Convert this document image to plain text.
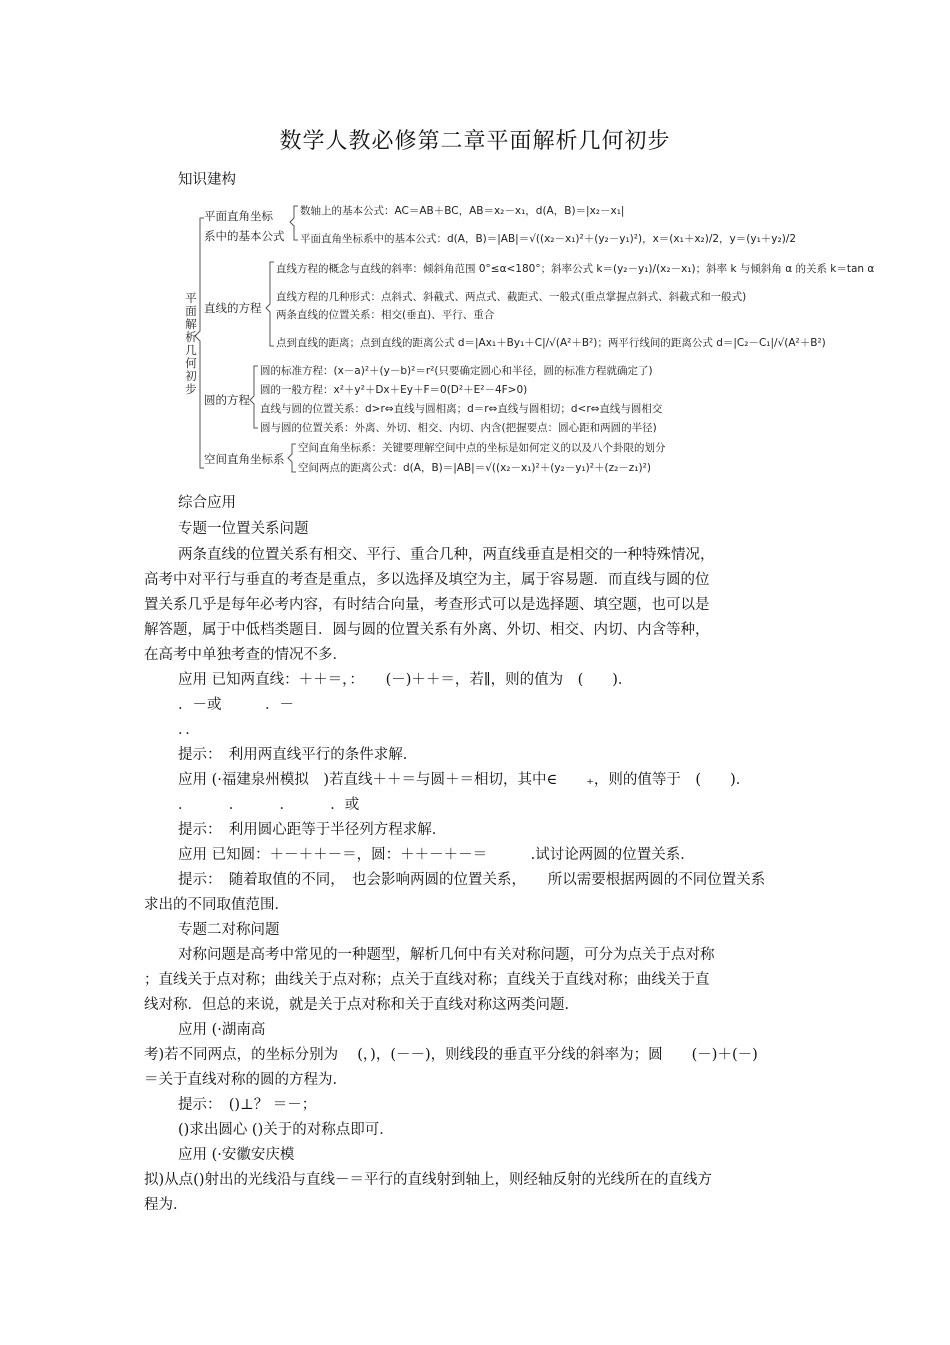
数学人教必修第二章平面解析几何初步
知识建构
平面解析几何初步
平面直角坐标
系中的基本公式
数轴上的基本公式：AC＝AB＋BC，AB＝x₂－x₁，d(A，B)＝|x₂－x₁|
平面直角坐标系中的基本公式：d(A，B)＝|AB|＝√((x₂－x₁)²＋(y₂－y₁)²)，x＝(x₁＋x₂)/2，y＝(y₁＋y₂)/2
直线的方程
直线方程的概念与直线的斜率：倾斜角范围 0°≤α<180°；斜率公式 k＝(y₂－y₁)/(x₂－x₁)；斜率 k 与倾斜角 α 的关系 k＝tan α
直线方程的几种形式：点斜式、斜截式、两点式、截距式、一般式(重点掌握点斜式、斜截式和一般式)
两条直线的位置关系：相交(垂直)、平行、重合
点到直线的距离；点到直线的距离公式 d＝|Ax₁＋By₁＋C|/√(A²＋B²)；两平行线间的距离公式 d＝|C₂－C₁|/√(A²＋B²)
圆的方程
圆的标准方程：(x－a)²＋(y－b)²＝r²(只要确定圆心和半径，圆的标准方程就确定了)
圆的一般方程：x²＋y²＋Dx＋Ey＋F＝0(D²＋E²－4F>0)
直线与圆的位置关系：d>r⇔直线与圆相离；d＝r⇔直线与圆相切；d<r⇔直线与圆相交
圆与圆的位置关系：外离、外切、相交、内切、内含(把握要点：圆心距和两圆的半径)
空间直角坐标系
空间直角坐标系：关键要理解空间中点的坐标是如何定义的以及八个卦限的划分
空间两点的距离公式：d(A，B)＝|AB|＝√((x₂－x₁)²＋(y₂－y₁)²＋(z₂－z₁)²)
综合应用
专题一位置关系问题
两条直线的位置关系有相交、平行、重合几种，两直线垂直是相交的一种特殊情况，
高考中对平行与垂直的考查是重点，多以选择及填空为主，属于容易题．而直线与圆的位
置关系几乎是每年必考内容，有时结合向量，考查形式可以是选择题、填空题，也可以是
解答题，属于中低档类题目．圆与圆的位置关系有外离、外切、相交、内切、内含等种，
在高考中单独考查的情况不多．
应用 已知两直线：＋＋＝，：　　(－)＋＋＝，若∥，则的值为　(　　)．
．－或　　　．－
．．
提示：　利用两直线平行的条件求解．
应用 (·福建泉州模拟　)若直线＋＋＝与圆＋＝相切，其中∈　　₊，则的值等于　(　　)．
．　　　．　　　．　　　．或
提示：　利用圆心距等于半径列方程求解．
应用 已知圆：＋－＋＋－＝，圆：＋＋－＋－＝　　　.试讨论两圆的位置关系．
提示：　随着取值的不同，　也会影响两圆的位置关系，　　所以需要根据两圆的不同位置关系
求出的不同取值范围．
专题二对称问题
对称问题是高考中常见的一种题型，解析几何中有关对称问题，可分为点关于点对称
；直线关于点对称；曲线关于点对称；点关于直线对称；直线关于直线对称；曲线关于直
线对称．但总的来说，就是关于点对称和关于直线对称这两类问题．
应用 (·湖南高
考)若不同两点，的坐标分别为　 (，)，(－－)，则线段的垂直平分线的斜率为；圆　　(－)＋(－)
＝关于直线对称的圆的方程为．
提示：　()⊥？ ＝－；
()求出圆心 ()关于的对称点即可．
应用 (·安徽安庆模
拟)从点()射出的光线沿与直线－＝平行的直线射到轴上，则经轴反射的光线所在的直线方
程为．
